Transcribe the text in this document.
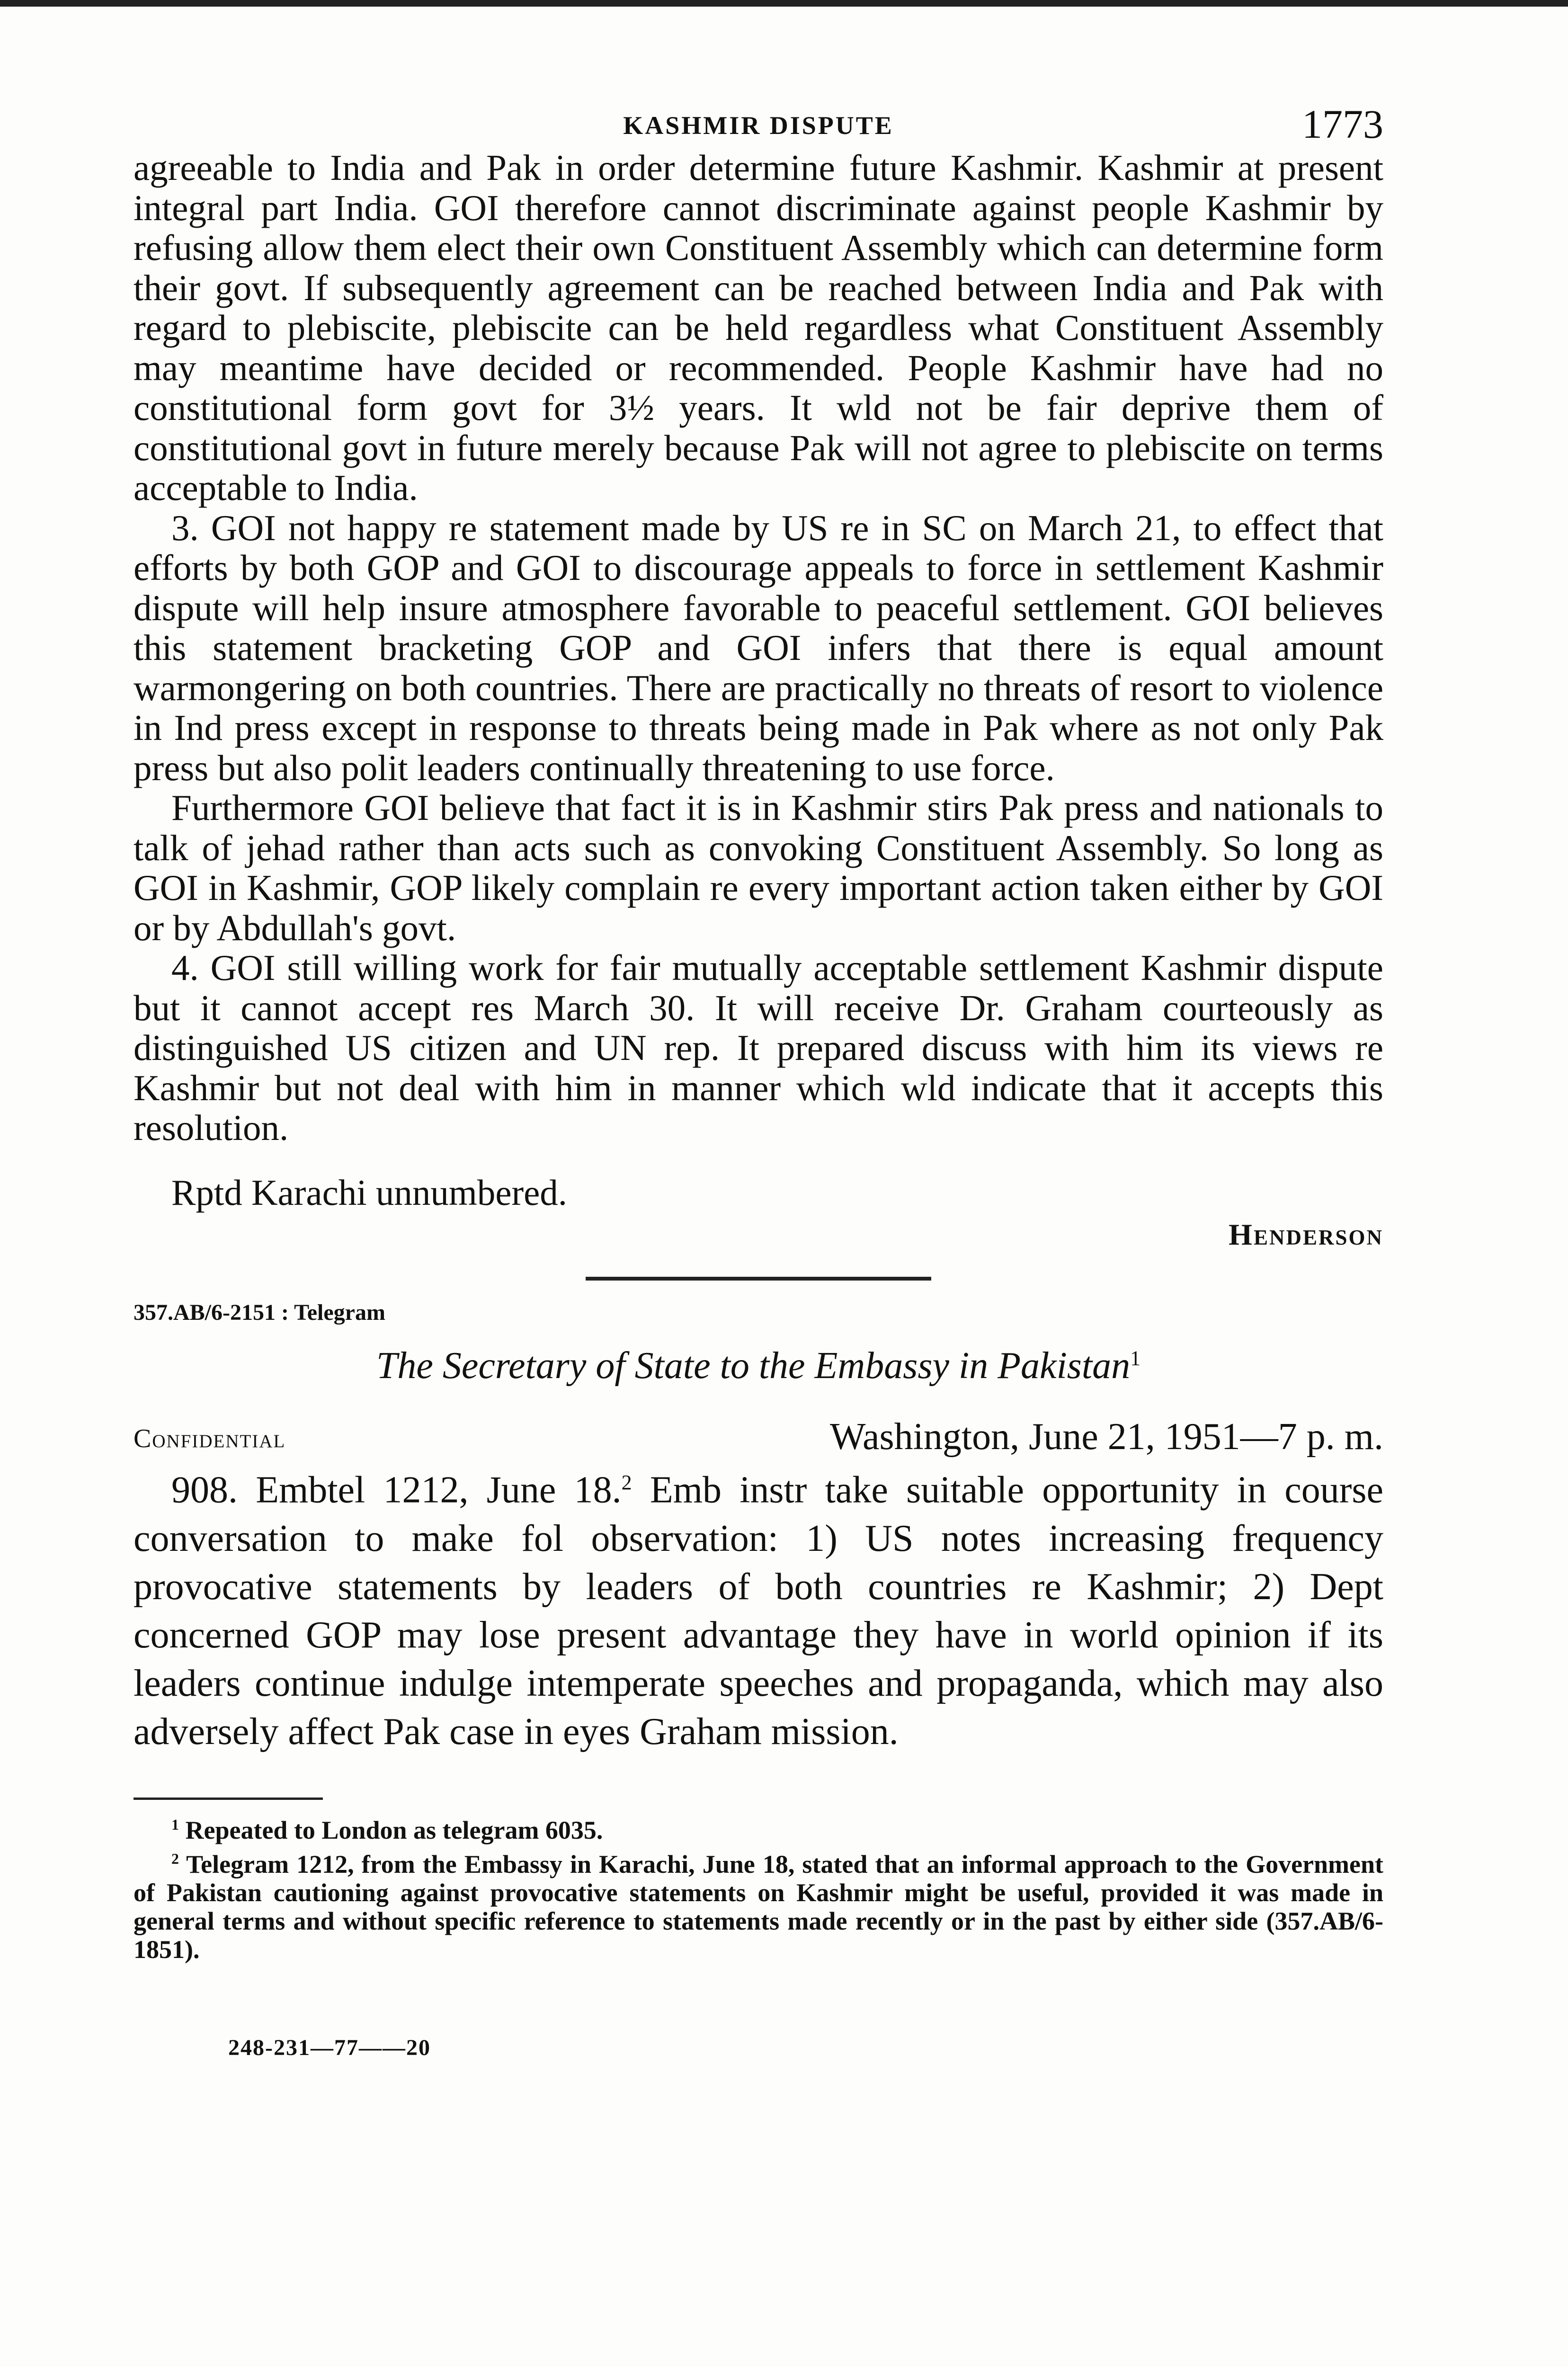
KASHMIR DISPUTE	1773

agreeable to India and Pak in order determine future Kashmir. Kashmir at present integral part India. GOI therefore cannot discriminate against people Kashmir by refusing allow them elect their own Constituent Assembly which can determine form their govt. If subsequently agreement can be reached between India and Pak with regard to plebiscite, plebiscite can be held regardless what Constituent Assembly may meantime have decided or recommended. People Kashmir have had no constitutional form govt for 3½ years. It wld not be fair deprive them of constitutional govt in future merely because Pak will not agree to plebiscite on terms acceptable to India.

3. GOI not happy re statement made by US re in SC on March 21, to effect that efforts by both GOP and GOI to discourage appeals to force in settlement Kashmir dispute will help insure atmosphere favorable to peaceful settlement. GOI believes this statement bracketing GOP and GOI infers that there is equal amount warmongering on both countries. There are practically no threats of resort to violence in Ind press except in response to threats being made in Pak where as not only Pak press but also polit leaders continually threatening to use force.

Furthermore GOI believe that fact it is in Kashmir stirs Pak press and nationals to talk of jehad rather than acts such as convoking Constituent Assembly. So long as GOI in Kashmir, GOP likely complain re every important action taken either by GOI or by Abdullah's govt.

4. GOI still willing work for fair mutually acceptable settlement Kashmir dispute but it cannot accept res March 30. It will receive Dr. Graham courteously as distinguished US citizen and UN rep. It prepared discuss with him its views re Kashmir but not deal with him in manner which wld indicate that it accepts this resolution.

Rptd Karachi unnumbered.

Henderson
357.AB/6-2151 : Telegram
The Secretary of State to the Embassy in Pakistan$^1$
Confidential	Washington, June 21, 1951—7 p. m.

908. Embtel 1212, June 18.$^2$ Emb instr take suitable opportunity in course conversation to make fol observation: 1) US notes increasing frequency provocative statements by leaders of both countries re Kashmir; 2) Dept concerned GOP may lose present advantage they have in world opinion if its leaders continue indulge intemperate speeches and propaganda, which may also adversely affect Pak case in eyes Graham mission.

$^1$ Repeated to London as telegram 6035.

$^2$ Telegram 1212, from the Embassy in Karachi, June 18, stated that an informal approach to the Government of Pakistan cautioning against provocative statements on Kashmir might be useful, provided it was made in general terms and without specific reference to statements made recently or in the past by either side (357.AB/6-1851).

248-231—77——20
